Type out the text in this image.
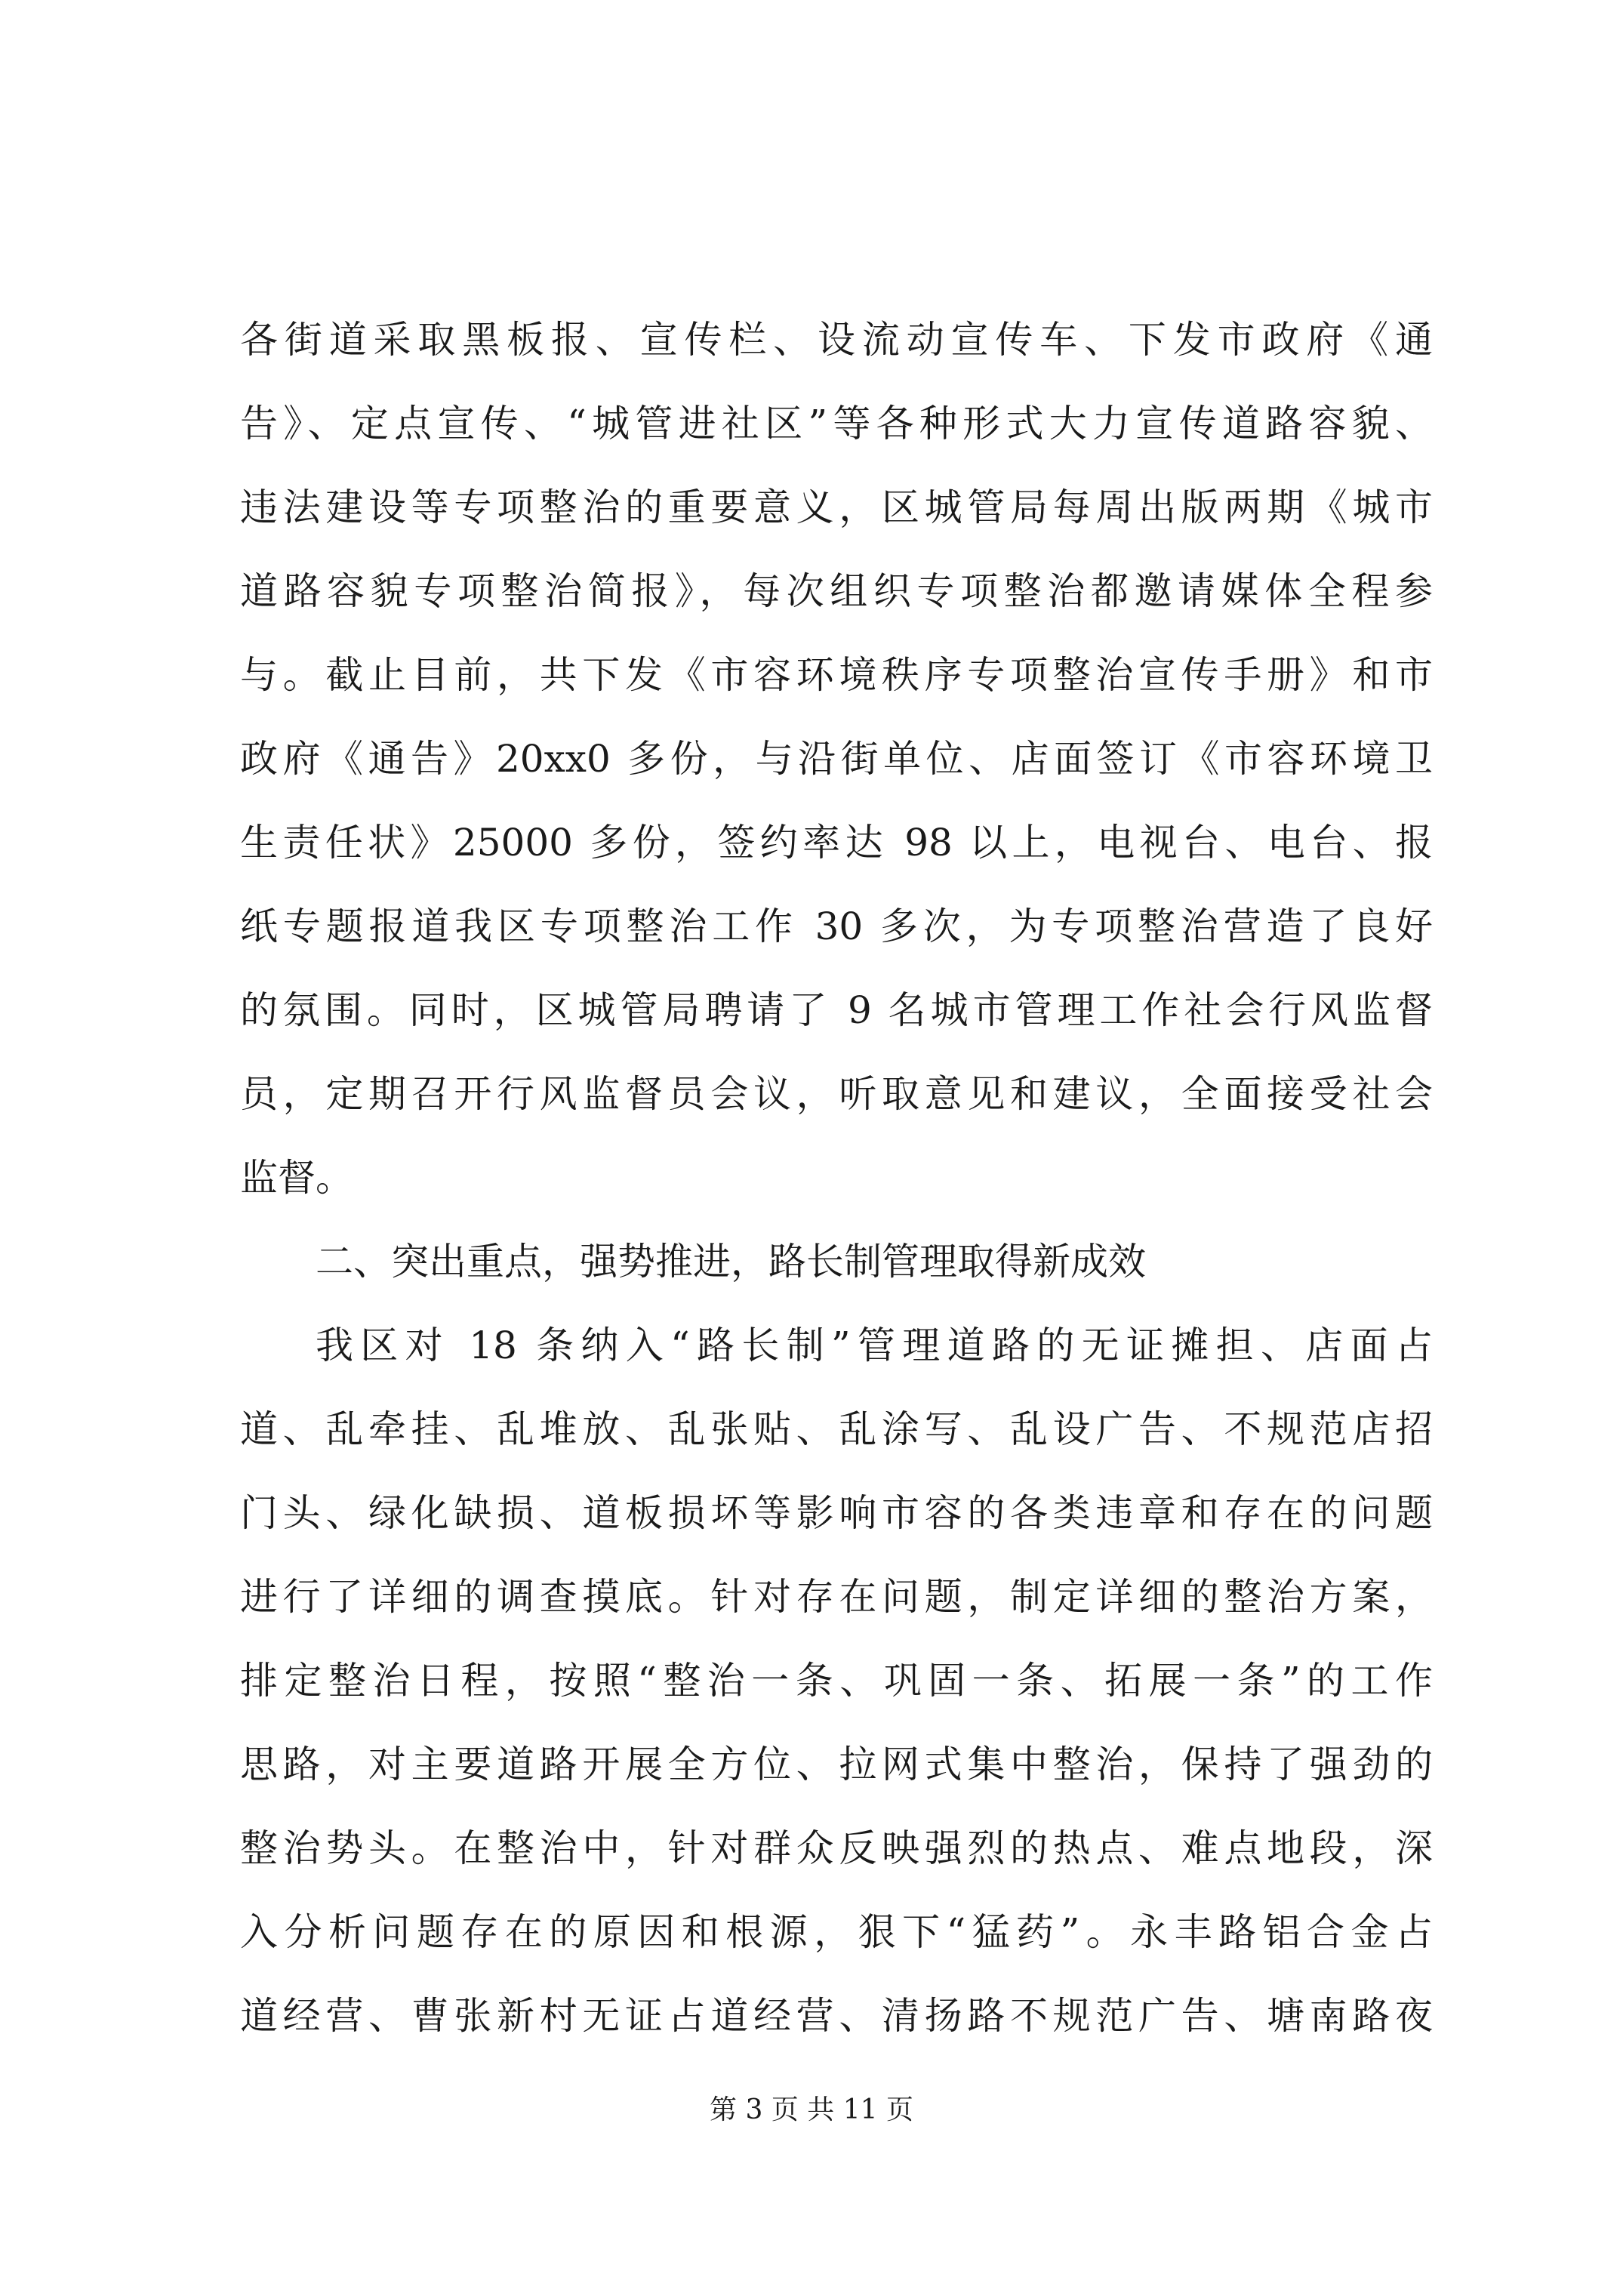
各街道采取黑板报、宣传栏、设流动宣传车、下发市政府《通
告》、定点宣传、“城管进社区”等各种形式大力宣传道路容貌、
违法建设等专项整治的重要意义，区城管局每周出版两期《城市
道路容貌专项整治简报》，每次组织专项整治都邀请媒体全程参
与。截止目前，共下发《市容环境秩序专项整治宣传手册》和市
政府《通告》20xx0 多份，与沿街单位、店面签订《市容环境卫
生责任状》25000 多份，签约率达 98 以上，电视台、电台、报
纸专题报道我区专项整治工作 30 多次，为专项整治营造了良好
的氛围。同时，区城管局聘请了 9 名城市管理工作社会行风监督
员，定期召开行风监督员会议，听取意见和建议，全面接受社会
监督。
二、突出重点，强势推进，路长制管理取得新成效
我区对 18 条纳入“路长制”管理道路的无证摊担、店面占
道、乱牵挂、乱堆放、乱张贴、乱涂写、乱设广告、不规范店招
门头、绿化缺损、道板损坏等影响市容的各类违章和存在的问题
进行了详细的调查摸底。针对存在问题，制定详细的整治方案，
排定整治日程，按照“整治一条、巩固一条、拓展一条”的工作
思路，对主要道路开展全方位、拉网式集中整治，保持了强劲的
整治势头。在整治中，针对群众反映强烈的热点、难点地段，深
入分析问题存在的原因和根源，狠下“猛药”。永丰路铝合金占
道经营、曹张新村无证占道经营、清扬路不规范广告、塘南路夜
第 3 页 共 11 页
